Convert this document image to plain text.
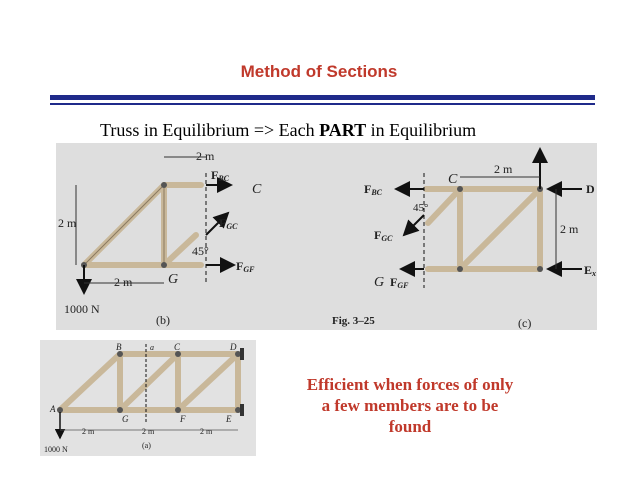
Method of Sections
Truss in Equilibrium => Each PART in Equilibrium
2 m
FBC
C
2 m	FGC
45°
FGF
2 m	G
1000 N
(b)
FBC
C
2 m
D
45°
FGC
2 m
Ex
G FGF
Fig. 3–25	(c)
B	a C	D
A
G	F	E
2 m	2 m	2 m
1000 N	(a)
Efficient when forces of only
a few members are to be
found
